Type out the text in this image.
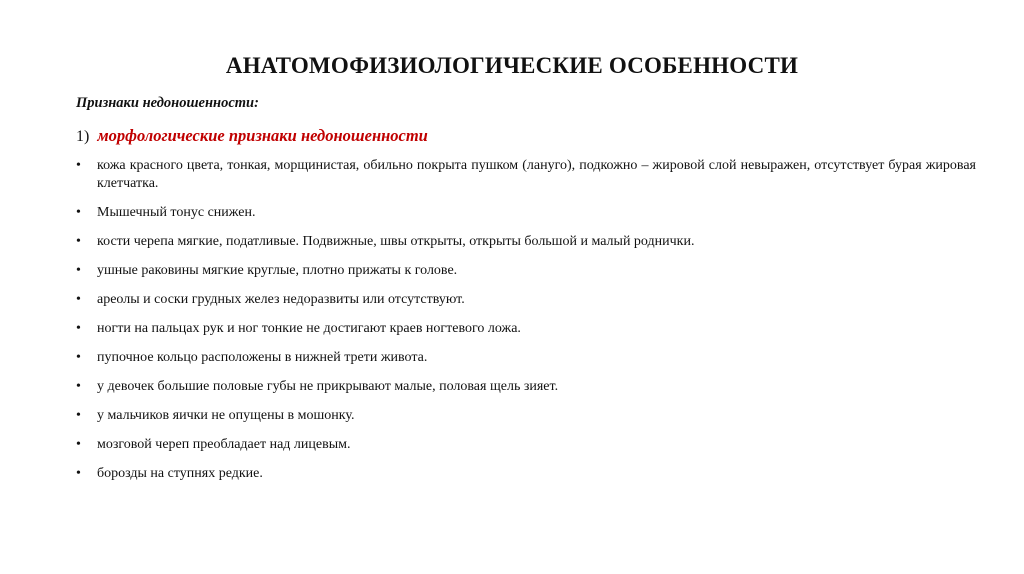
АНАТОМОФИЗИОЛОГИЧЕСКИЕ ОСОБЕННОСТИ
Признаки недоношенности:
1) морфологические признаки недоношенности
• кожа красного цвета, тонкая, морщинистая, обильно покрыта пушком (лануго), подкожно – жировой слой невыражен, отсутствует бурая жировая клетчатка.
• Мышечный тонус снижен.
• кости черепа мягкие, податливые. Подвижные, швы открыты, открыты большой и малый роднички.
• ушные раковины мягкие круглые, плотно прижаты к голове.
• ареолы и соски грудных желез недоразвиты или отсутствуют.
• ногти на пальцах рук и ног тонкие не достигают краев ногтевого ложа.
• пупочное кольцо расположены в нижней трети живота.
• у девочек большие половые губы не прикрывают малые, половая щель зияет.
• у мальчиков яички не опущены в мошонку.
• мозговой череп преобладает над лицевым.
• борозды на ступнях редкие.
